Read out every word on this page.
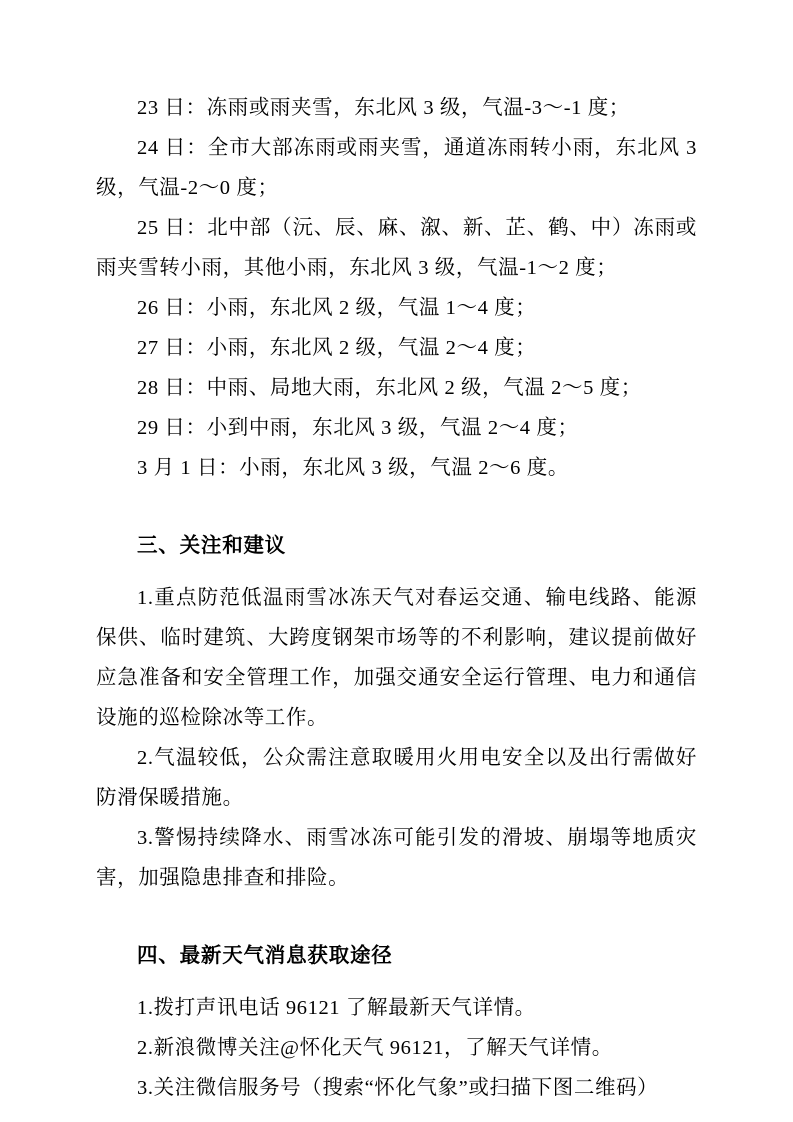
23 日：冻雨或雨夹雪，东北风 3 级，气温-3～-1 度；

24 日：全市大部冻雨或雨夹雪，通道冻雨转小雨，东北风 3 级，气温-2～0 度；

25 日：北中部（沅、辰、麻、溆、新、芷、鹤、中）冻雨或雨夹雪转小雨，其他小雨，东北风 3 级，气温-1～2 度；

26 日：小雨，东北风 2 级，气温 1～4 度；

27 日：小雨，东北风 2 级，气温 2～4 度；

28 日：中雨、局地大雨，东北风 2 级，气温 2～5 度；

29 日：小到中雨，东北风 3 级，气温 2～4 度；

3 月 1 日：小雨，东北风 3 级，气温 2～6 度。

三、关注和建议

1.重点防范低温雨雪冰冻天气对春运交通、输电线路、能源保供、临时建筑、大跨度钢架市场等的不利影响，建议提前做好应急准备和安全管理工作，加强交通安全运行管理、电力和通信设施的巡检除冰等工作。

2.气温较低，公众需注意取暖用火用电安全以及出行需做好防滑保暖措施。

3.警惕持续降水、雨雪冰冻可能引发的滑坡、崩塌等地质灾害，加强隐患排查和排险。

四、最新天气消息获取途径

1.拨打声讯电话 96121 了解最新天气详情。

2.新浪微博关注@怀化天气 96121，了解天气详情。

3.关注微信服务号（搜索“怀化气象”或扫描下图二维码）
